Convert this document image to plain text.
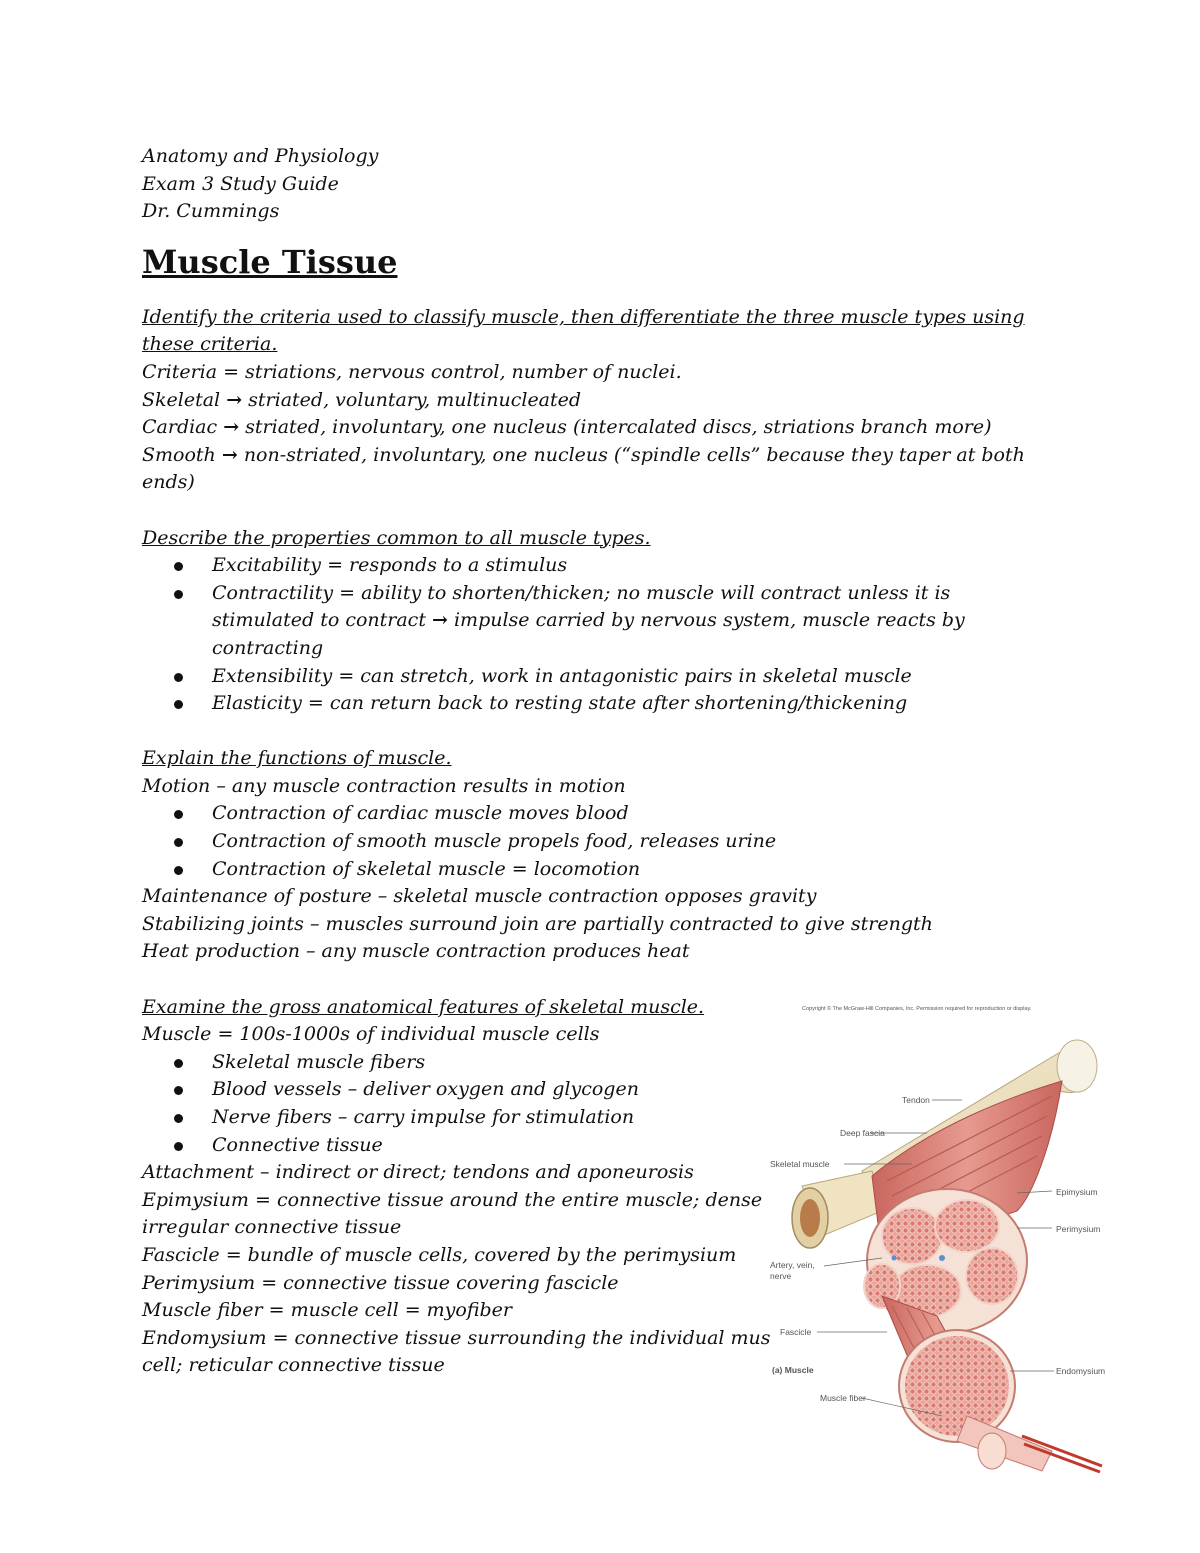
Anatomy and Physiology
Exam 3 Study Guide
Dr. Cummings
Muscle Tissue
Identify the criteria used to classify muscle, then differentiate the three muscle types using
these criteria.
Criteria = striations, nervous control, number of nuclei.
Skeletal → striated, voluntary, multinucleated
Cardiac → striated, involuntary, one nucleus (intercalated discs, striations branch more)
Smooth → non-striated, involuntary, one nucleus (“spindle cells” because they taper at both ends)
Describe the properties common to all muscle types.
Excitability = responds to a stimulus
Contractility = ability to shorten/thicken; no muscle will contract unless it is stimulated to contract → impulse carried by nervous system, muscle reacts by contracting
Extensibility = can stretch, work in antagonistic pairs in skeletal muscle
Elasticity = can return back to resting state after shortening/thickening
Explain the functions of muscle.
Motion – any muscle contraction results in motion
Contraction of cardiac muscle moves blood
Contraction of smooth muscle propels food, releases urine
Contraction of skeletal muscle = locomotion
Maintenance of posture – skeletal muscle contraction opposes gravity
Stabilizing joints – muscles surround join are partially contracted to give strength
Heat production – any muscle contraction produces heat
Examine the gross anatomical features of skeletal muscle.
Muscle = 100s-1000s of individual muscle cells
Skeletal muscle fibers
Blood vessels – deliver oxygen and glycogen
Nerve fibers – carry impulse for stimulation
Connective tissue
Attachment – indirect or direct; tendons and aponeurosis
Epimysium = connective tissue around the entire muscle; dense
irregular connective tissue
Fascicle = bundle of muscle cells, covered by the perimysium
Perimysium = connective tissue covering fascicle
Muscle fiber = muscle cell = myofiber
Endomysium = connective tissue surrounding the individual mus
cell; reticular connective tissue
Copyright © The McGraw-Hill Companies, Inc. Permission required for reproduction or display.
Tendon
Deep fascia
Skeletal muscle
Epimysium
Perimysium
Artery, vein,
nerve
Fascicle
(a) Muscle	Endomysium
Muscle fiber
